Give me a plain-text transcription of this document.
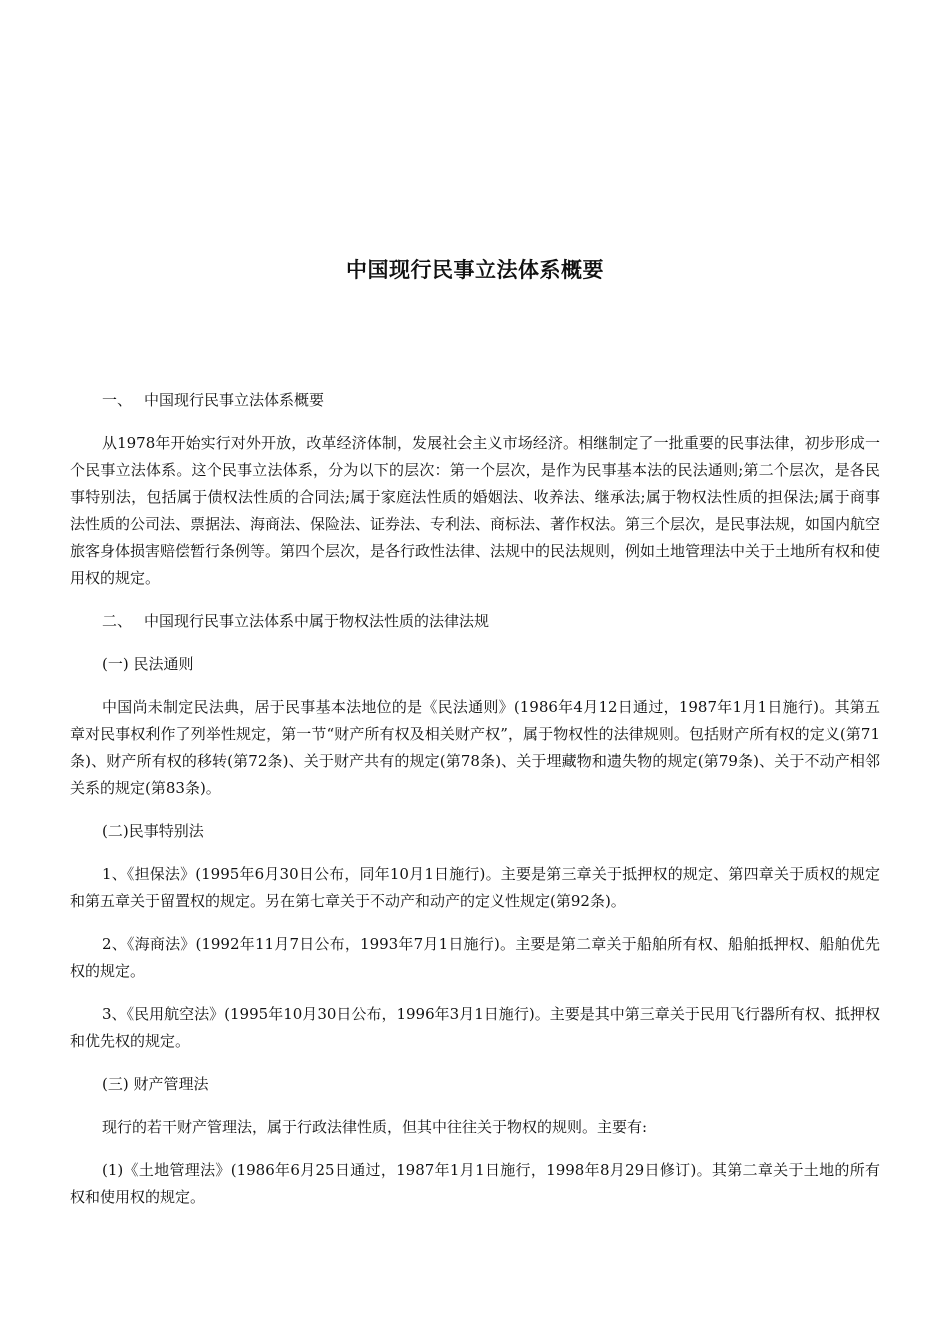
中国现行民事立法体系概要
一、 中国现行民事立法体系概要

从1978年开始实行对外开放，改革经济体制，发展社会主义市场经济。相继制定了一批重要的民事法律，初步形成一个民事立法体系。这个民事立法体系，分为以下的层次：第一个层次，是作为民事基本法的民法通则;第二个层次，是各民事特别法，包括属于债权法性质的合同法;属于家庭法性质的婚姻法、收养法、继承法;属于物权法性质的担保法;属于商事法性质的公司法、票据法、海商法、保险法、证券法、专利法、商标法、著作权法。第三个层次，是民事法规，如国内航空旅客身体损害赔偿暂行条例等。第四个层次，是各行政性法律、法规中的民法规则，例如土地管理法中关于土地所有权和使用权的规定。

二、 中国现行民事立法体系中属于物权法性质的法律法规
(一) 民法通则

中国尚未制定民法典，居于民事基本法地位的是《民法通则》(1986年4月12日通过，1987年1月1日施行)。其第五章对民事权利作了列举性规定，第一节“财产所有权及相关财产权”，属于物权性的法律规则。包括财产所有权的定义(第71条)、财产所有权的移转(第72条)、关于财产共有的规定(第78条)、关于埋藏物和遗失物的规定(第79条)、关于不动产相邻关系的规定(第83条)。

(二)民事特别法

1、《担保法》(1995年6月30日公布，同年10月1日施行)。主要是第三章关于抵押权的规定、第四章关于质权的规定和第五章关于留置权的规定。另在第七章关于不动产和动产的定义性规定(第92条)。

2、《海商法》(1992年11月7日公布，1993年7月1日施行)。主要是第二章关于船舶所有权、船舶抵押权、船舶优先权的规定。

3、《民用航空法》(1995年10月30日公布，1996年3月1日施行)。主要是其中第三章关于民用飞行器所有权、抵押权和优先权的规定。

(三) 财产管理法

现行的若干财产管理法，属于行政法律性质，但其中往往关于物权的规则。主要有:

(1)《土地管理法》(1986年6月25日通过，1987年1月1日施行，1998年8月29日修订)。其第二章关于土地的所有权和使用权的规定。
